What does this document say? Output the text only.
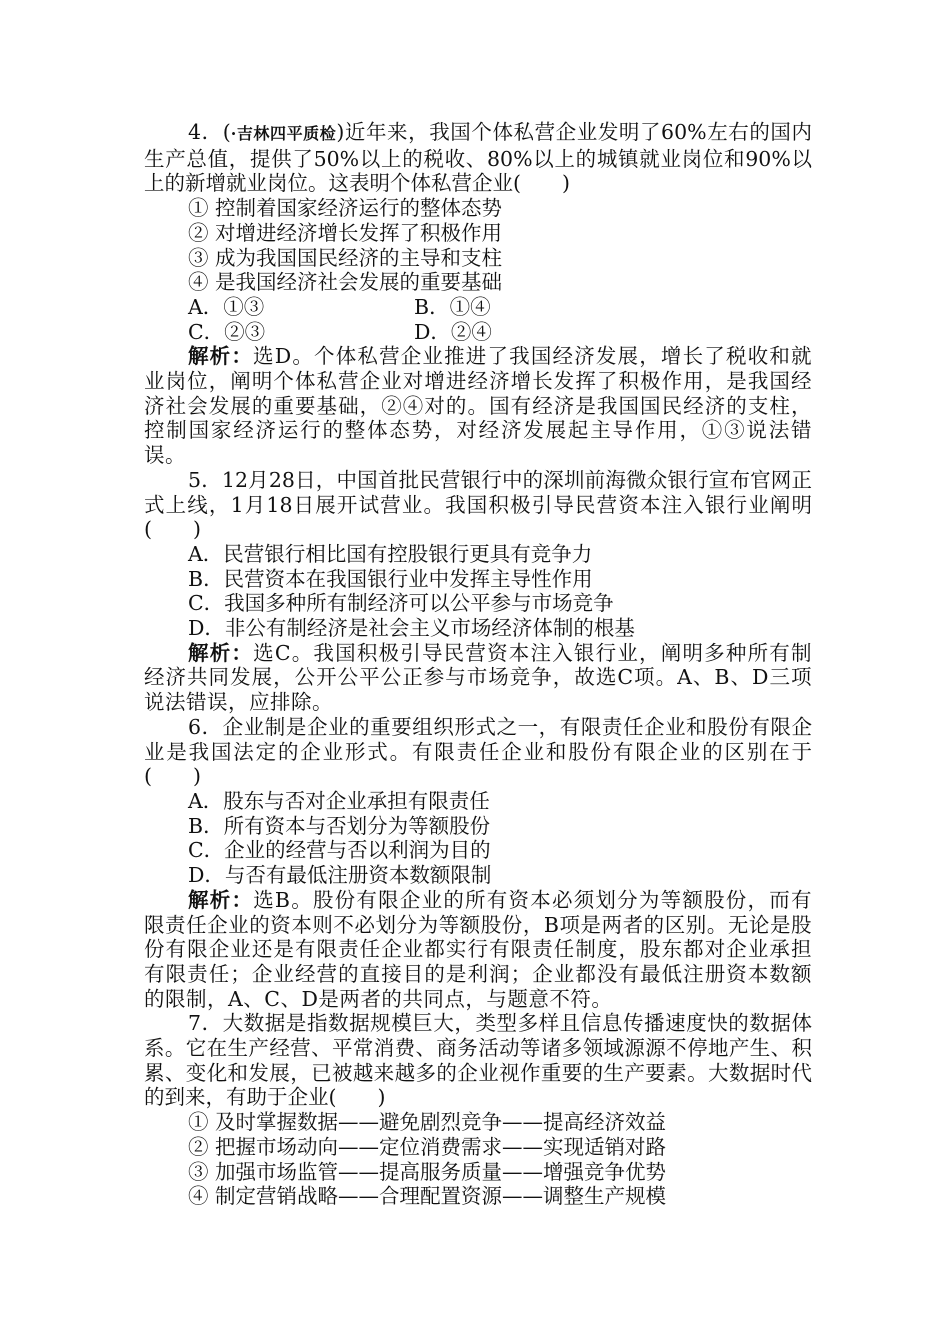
4．(·吉林四平质检)近年来，我国个体私营企业发明了60%左右的国内生产总值，提供了50%以上的税收、80%以上的城镇就业岗位和90%以上的新增就业岗位。这表明个体私营企业(　　)

① 控制着国家经济运行的整体态势

② 对增进经济增长发挥了积极作用

③ 成为我国国民经济的主导和支柱

④ 是我国经济社会发展的重要基础

A．①③	B．①④
C．②③	D．②④

解析：选D。个体私营企业推进了我国经济发展，增长了税收和就业岗位，阐明个体私营企业对增进经济增长发挥了积极作用，是我国经济社会发展的重要基础，②④对的。国有经济是我国国民经济的支柱，控制国家经济运行的整体态势，对经济发展起主导作用，①③说法错误。

5．12月28日，中国首批民营银行中的深圳前海微众银行宣布官网正式上线，1月18日展开试营业。我国积极引导民营资本注入银行业阐明(　　)

A．民营银行相比国有控股银行更具有竞争力

B．民营资本在我国银行业中发挥主导性作用

C．我国多种所有制经济可以公平参与市场竞争

D．非公有制经济是社会主义市场经济体制的根基

解析：选C。我国积极引导民营资本注入银行业，阐明多种所有制经济共同发展，公开公平公正参与市场竞争，故选C项。A、B、D三项说法错误，应排除。

6．企业制是企业的重要组织形式之一，有限责任企业和股份有限企业是我国法定的企业形式。有限责任企业和股份有限企业的区别在于(　　)

A．股东与否对企业承担有限责任

B．所有资本与否划分为等额股份

C．企业的经营与否以利润为目的

D．与否有最低注册资本数额限制

解析：选B。股份有限企业的所有资本必须划分为等额股份，而有限责任企业的资本则不必划分为等额股份，B项是两者的区别。无论是股份有限企业还是有限责任企业都实行有限责任制度，股东都对企业承担有限责任；企业经营的直接目的是利润；企业都没有最低注册资本数额的限制，A、C、D是两者的共同点，与题意不符。

7．大数据是指数据规模巨大，类型多样且信息传播速度快的数据体系。它在生产经营、平常消费、商务活动等诸多领域源源不停地产生、积累、变化和发展，已被越来越多的企业视作重要的生产要素。大数据时代的到来，有助于企业(　　)

① 及时掌握数据——避免剧烈竞争——提高经济效益

② 把握市场动向——定位消费需求——实现适销对路

③ 加强市场监管——提高服务质量——增强竞争优势

④ 制定营销战略——合理配置资源——调整生产规模
